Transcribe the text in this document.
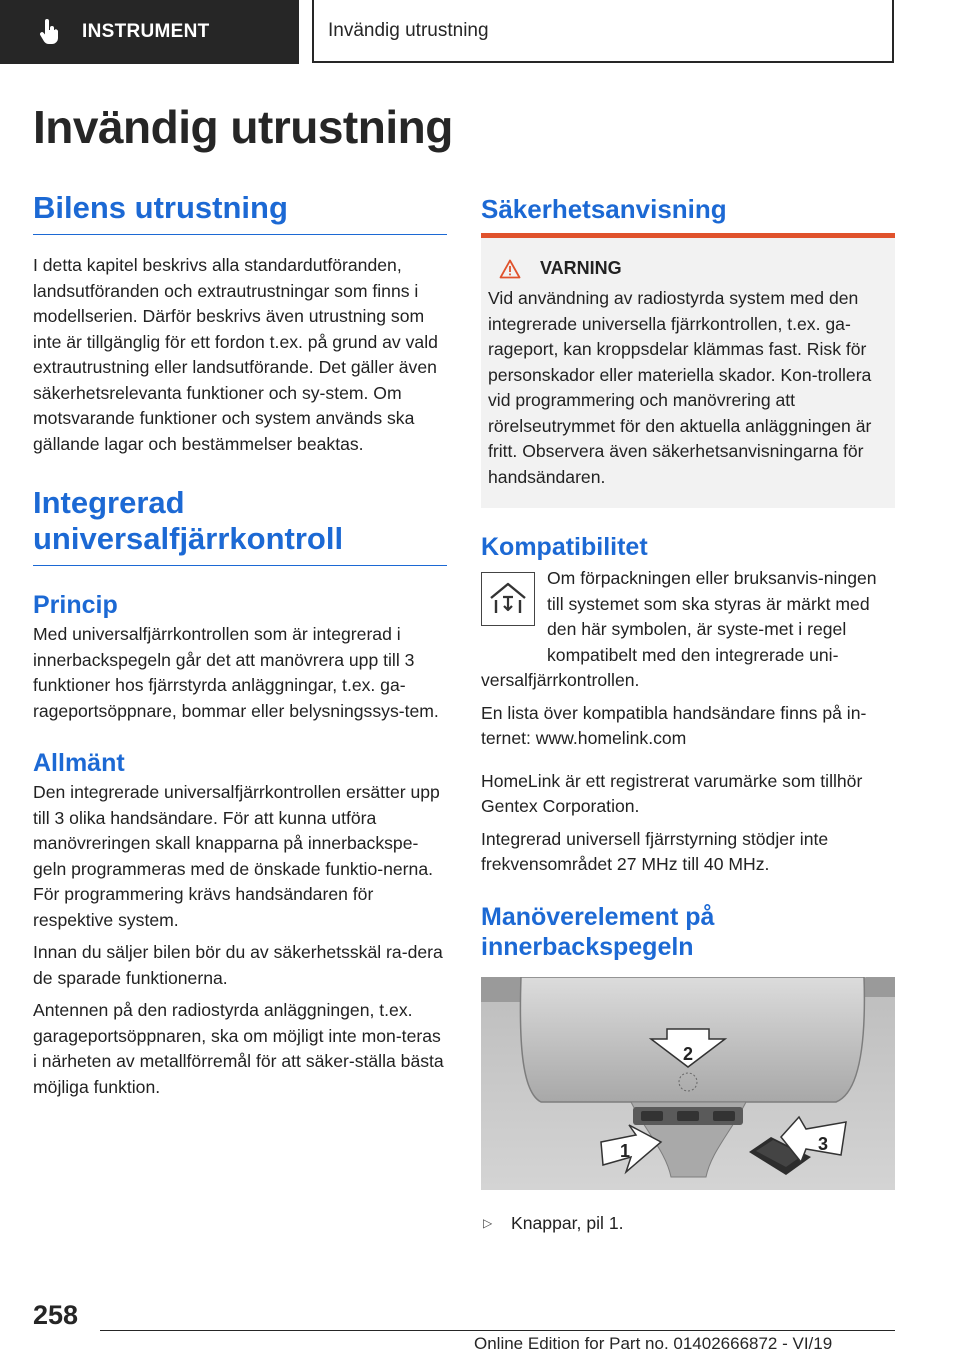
INSTRUMENT	Invändig utrustning
Invändig utrustning
Bilens utrustning

I detta kapitel beskrivs alla standardutföranden, landsutföranden och extrautrustningar som finns i modellserien. Därför beskrivs även utrustning som inte är tillgänglig för ett fordon t.ex. på grund av vald extrautrustning eller landsutförande. Det gäller även säkerhetsrelevanta funktioner och sy-stem. Om motsvarande funktioner och system används ska gällande lagar och bestämmelser beaktas.

Integrerad universalfjärrkontroll
Princip

Med universalfjärrkontrollen som är integrerad i innerbackspegeln går det att manövrera upp till 3 funktioner hos fjärrstyrda anläggningar, t.ex. ga-rageportsöppnare, bommar eller belysningssys-tem.

Allmänt

Den integrerade universalfjärrkontrollen ersätter upp till 3 olika handsändare. För att kunna utföra manövreringen skall knapparna på innerbackspe-geln programmeras med de önskade funktio-nerna. För programmering krävs handsändaren för respektive system.

Innan du säljer bilen bör du av säkerhetsskäl ra-dera de sparade funktionerna.

Antennen på den radiostyrda anläggningen, t.ex. garageportsöppnaren, ska om möjligt inte mon-teras i närheten av metallförremål för att säker-ställa bästa möjliga funktion.

Säkerhetsanvisning
VARNING

Vid användning av radiostyrda system med den integrerade universella fjärrkontrollen, t.ex. ga-rageport, kan kroppsdelar klämmas fast. Risk för personskador eller materiella skador. Kon-trollera vid programmering och manövrering att rörelseutrymmet för den aktuella anläggningen är fritt. Observera även säkerhetsanvisningarna för handsändaren.

Kompatibilitet

Om förpackningen eller bruksanvis-ningen till systemet som ska styras är märkt med den här symbolen, är syste-met i regel kompatibelt med den integrerade uni-versalfjärrkontrollen.

En lista över kompatibla handsändare finns på in-ternet: www.homelink.com

HomeLink är ett registrerat varumärke som tillhör Gentex Corporation.

Integrerad universell fjärrstyrning stödjer inte frekvensområdet 27 MHz till 40 MHz.

Manöverelement på innerbackspegeln
2
1	3
▷ Knappar, pil 1.

258
Online Edition for Part no. 01402666872 - VI/19
